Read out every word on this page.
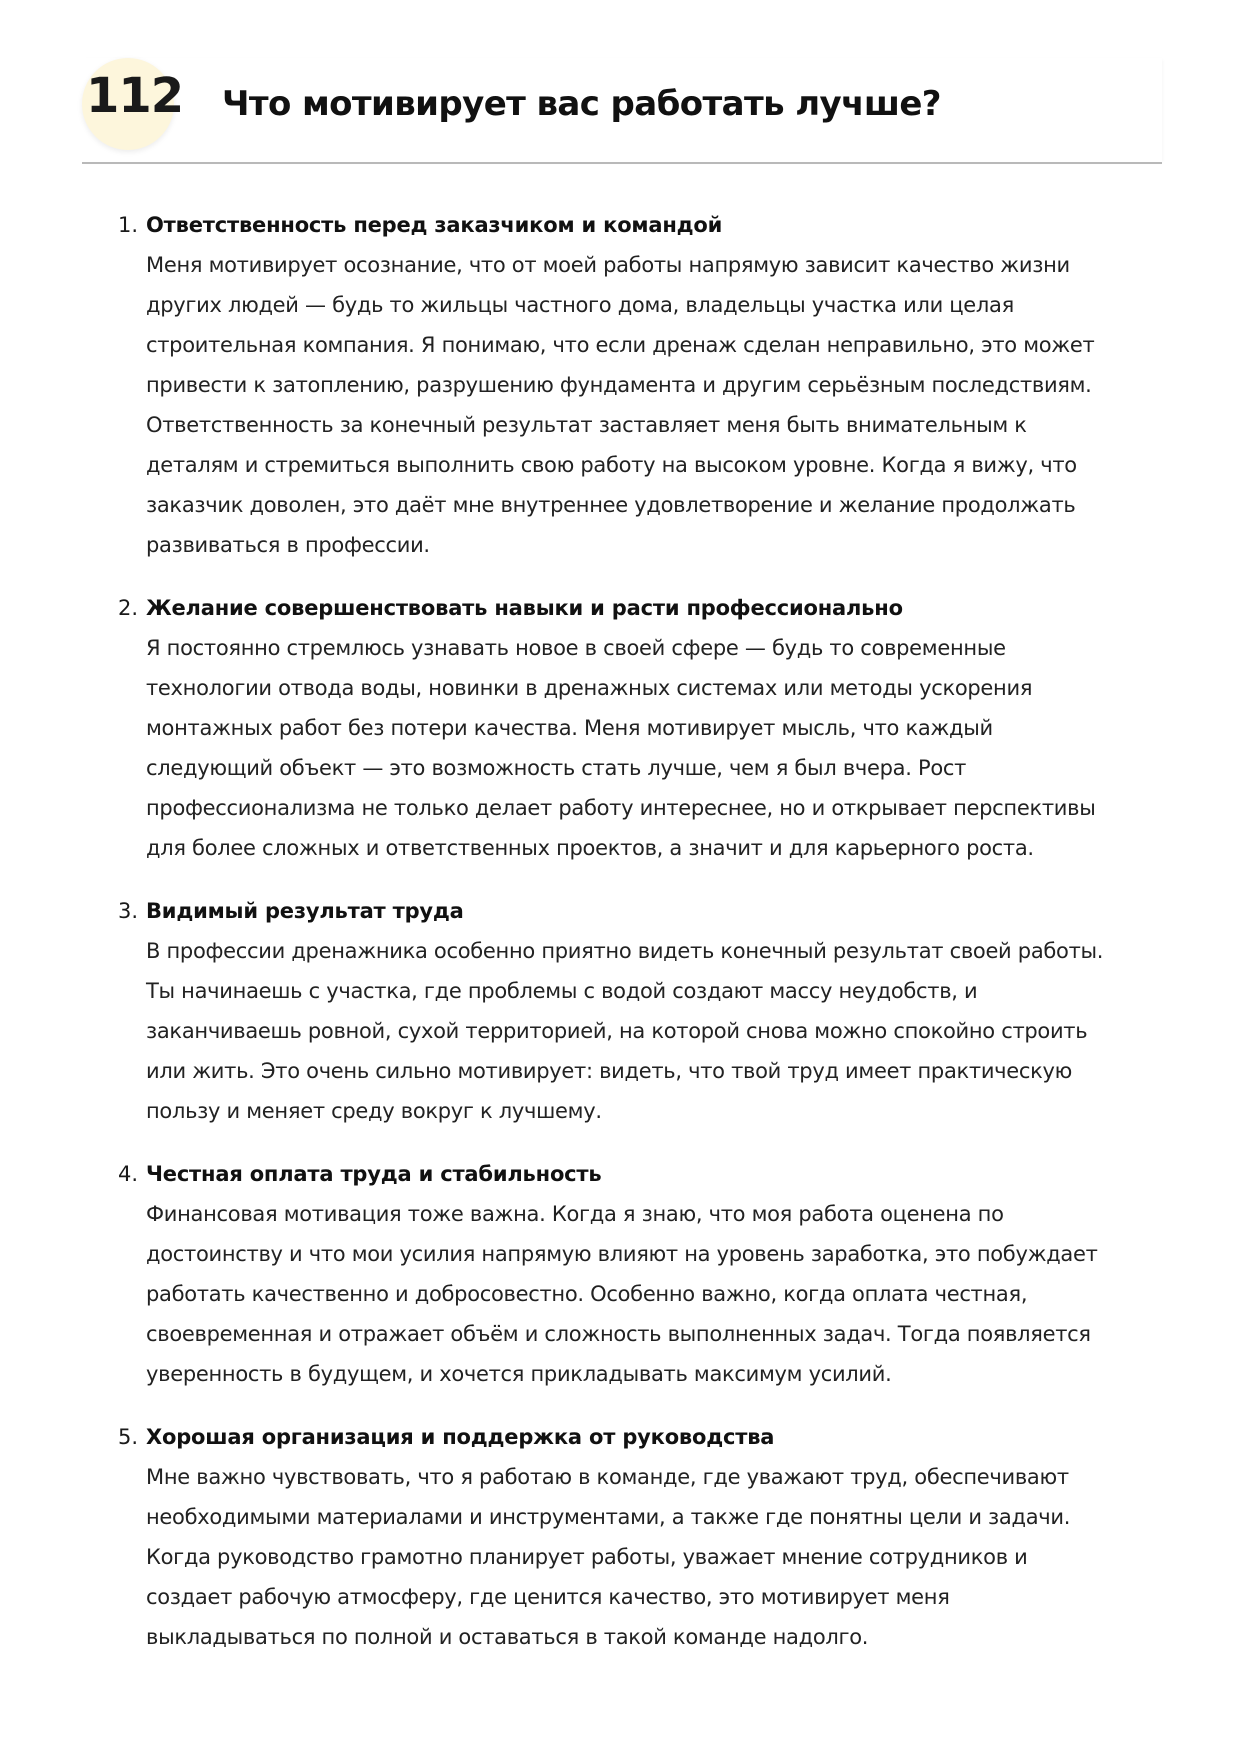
112 Что мотивирует вас работать лучше?
1. Ответственность перед заказчиком и командой
Меня мотивирует осознание, что от моей работы напрямую зависит качество жизни
других людей — будь то жильцы частного дома, владельцы участка или целая
строительная компания. Я понимаю, что если дренаж сделан неправильно, это может
привести к затоплению, разрушению фундамента и другим серьёзным последствиям.
Ответственность за конечный результат заставляет меня быть внимательным к
деталям и стремиться выполнить свою работу на высоком уровне. Когда я вижу, что
заказчик доволен, это даёт мне внутреннее удовлетворение и желание продолжать
развиваться в профессии.
2. Желание совершенствовать навыки и расти профессионально
Я постоянно стремлюсь узнавать новое в своей сфере — будь то современные
технологии отвода воды, новинки в дренажных системах или методы ускорения
монтажных работ без потери качества. Меня мотивирует мысль, что каждый
следующий объект — это возможность стать лучше, чем я был вчера. Рост
профессионализма не только делает работу интереснее, но и открывает перспективы
для более сложных и ответственных проектов, а значит и для карьерного роста.
3. Видимый результат труда
В профессии дренажника особенно приятно видеть конечный результат своей работы.
Ты начинаешь с участка, где проблемы с водой создают массу неудобств, и
заканчиваешь ровной, сухой территорией, на которой снова можно спокойно строить
или жить. Это очень сильно мотивирует: видеть, что твой труд имеет практическую
пользу и меняет среду вокруг к лучшему.
4. Честная оплата труда и стабильность
Финансовая мотивация тоже важна. Когда я знаю, что моя работа оценена по
достоинству и что мои усилия напрямую влияют на уровень заработка, это побуждает
работать качественно и добросовестно. Особенно важно, когда оплата честная,
своевременная и отражает объём и сложность выполненных задач. Тогда появляется
уверенность в будущем, и хочется прикладывать максимум усилий.
5. Хорошая организация и поддержка от руководства
Мне важно чувствовать, что я работаю в команде, где уважают труд, обеспечивают
необходимыми материалами и инструментами, а также где понятны цели и задачи.
Когда руководство грамотно планирует работы, уважает мнение сотрудников и
создает рабочую атмосферу, где ценится качество, это мотивирует меня
выкладываться по полной и оставаться в такой команде надолго.
